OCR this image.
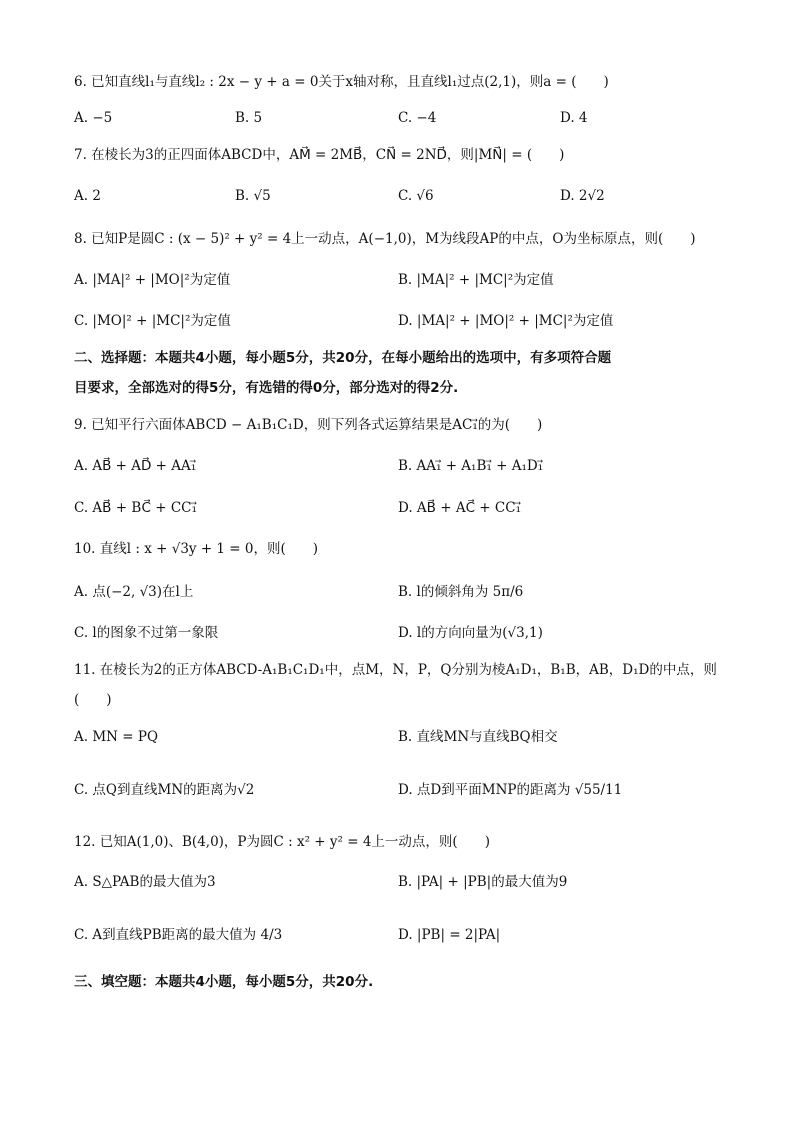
6. 已知直线l₁与直线l₂ : 2x − y + a = 0关于x轴对称，且直线l₁过点(2,1)，则a = (　　)
A. −5	B. 5	C. −4	D. 4
7. 在棱长为3的正四面体ABCD中，AM⃗ = 2MB⃗，CN⃗ = 2ND⃗，则|MN⃗| = (　　)
A. 2	B. √5	C. √6	D. 2√2
8. 已知P是圆C : (x − 5)² + y² = 4上一动点，A(−1,0)，M为线段AP的中点，O为坐标原点，则(　　)
A. |MA|² + |MO|²为定值	B. |MA|² + |MC|²为定值
C. |MO|² + |MC|²为定值	D. |MA|² + |MO|² + |MC|²为定值
二、选择题：本题共4小题，每小题5分，共20分，在每小题给出的选项中，有多项符合题
目要求，全部选对的得5分，有选错的得0分，部分选对的得2分.
9. 已知平行六面体ABCD − A₁B₁C₁D，则下列各式运算结果是AC₁⃗的为(　　)
A. AB⃗ + AD⃗ + AA₁⃗	B. AA₁⃗ + A₁B₁⃗ + A₁D₁⃗
C. AB⃗ + BC⃗ + CC₁⃗	D. AB⃗ + AC⃗ + CC₁⃗
10. 直线l : x + √3y + 1 = 0，则(　　)
A. 点(−2, √3)在l上	B. l的倾斜角为 5π/6
C. l的图象不过第一象限	D. l的方向向量为(√3,1)
11. 在棱长为2的正方体ABCD-A₁B₁C₁D₁中，点M，N，P，Q分别为棱A₁D₁，B₁B，AB，D₁D的中点，则
(　　)
A. MN = PQ	B. 直线MN与直线BQ相交
C. 点Q到直线MN的距离为√2	D. 点D到平面MNP的距离为 √55/11
12. 已知A(1,0)、B(4,0)，P为圆C : x² + y² = 4上一动点，则(　　)
A. S△PAB的最大值为3	B. |PA| + |PB|的最大值为9
C. A到直线PB距离的最大值为 4/3	D. |PB| = 2|PA|
三、填空题：本题共4小题，每小题5分，共20分.
